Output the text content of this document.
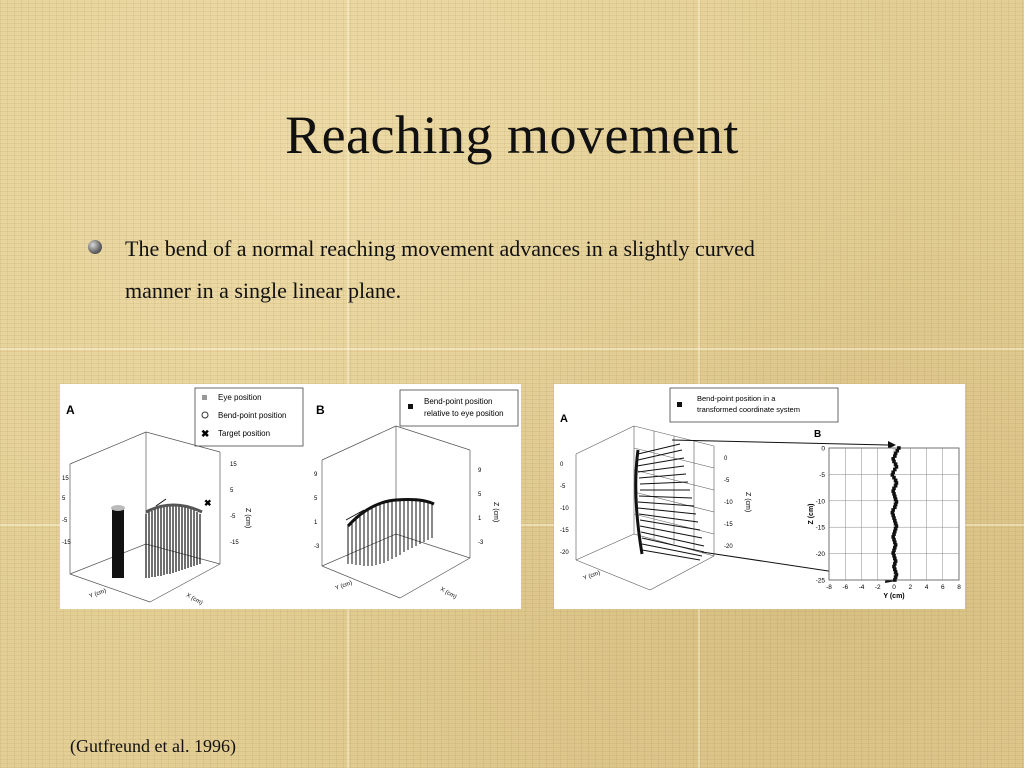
Reaching movement
The bend of a normal reaching movement advances in a slightly curved manner in a single linear plane.
A	B
Eye position
Bend-point position
✖ Target position
Bend-point position
relative to eye position
✖
15
5
-5
-15
Z (cm)
15
5
-5
-15
Y (cm)	X (cm)
9
5
1
-3
Z (cm)
9
5
1
-3
Y (cm)
X (cm)
A
Bend-point position in a
transformed coordinate system
0
-5
-10
-15
-20
0
-5
-10
-15
-20
Z (cm)
Y (cm)
B
-8 -6 -4 -2 0 2 4 6 8
0
-5
-10
-15
-20
-25
Y (cm)
Z (cm)
(Gutfreund et al. 1996)
